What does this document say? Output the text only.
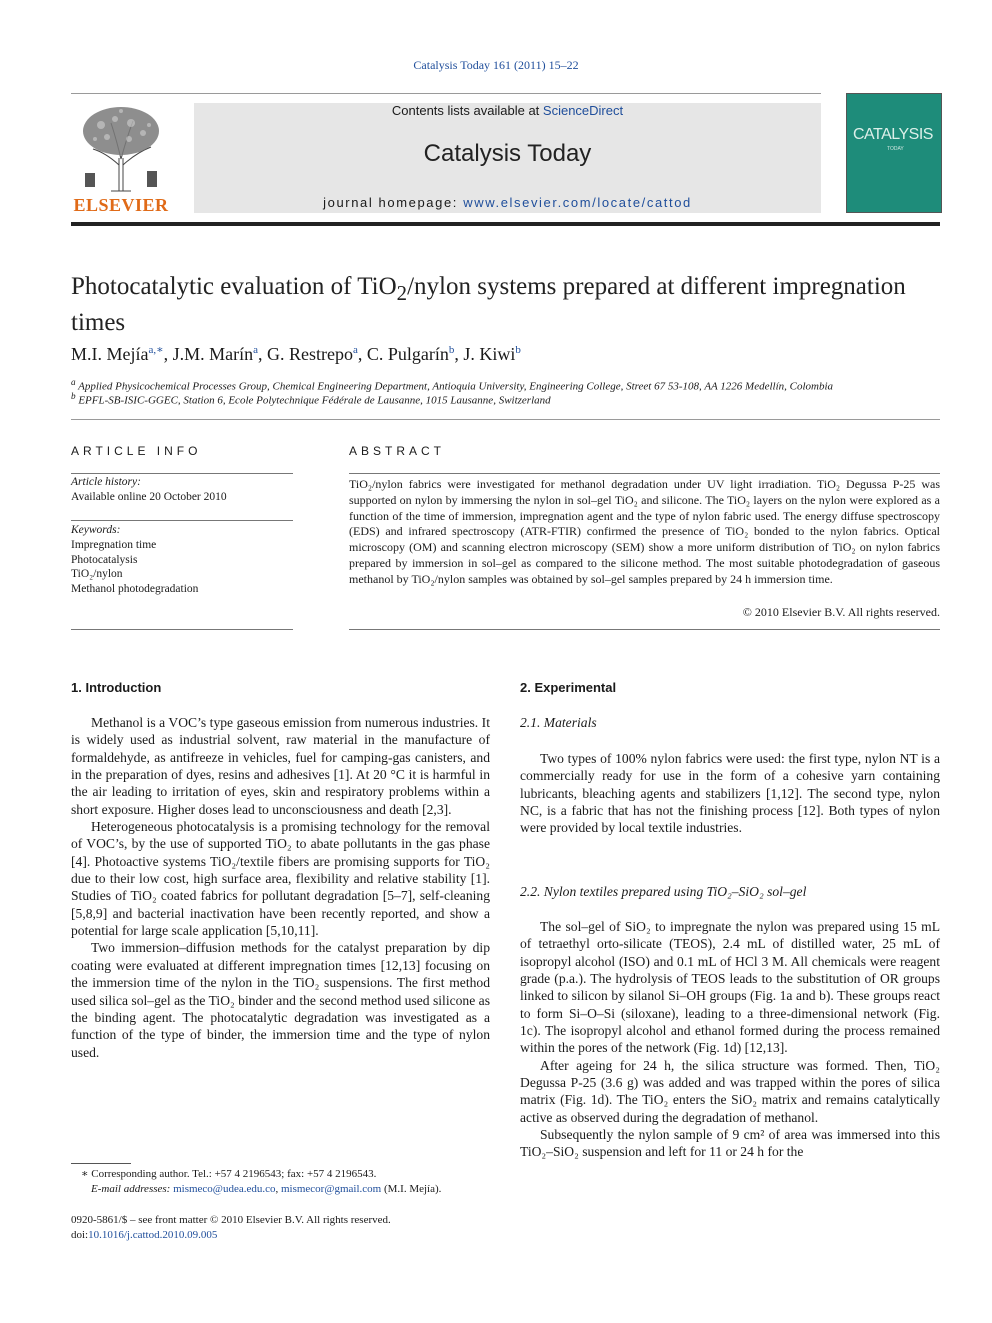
Catalysis Today 161 (2011) 15–22
ELSEVIER
Contents lists available at ScienceDirect
Catalysis Today
journal homepage: www.elsevier.com/locate/cattod
CATALYSIS
TODAY
Photocatalytic evaluation of TiO$_2$/nylon systems prepared at different impregnation times
M.I. Mejía$^{a,∗}$, J.M. Marín$^a$, G. Restrepo$^a$, C. Pulgarín$^b$, J. Kiwi$^b$
$^a$ Applied Physicochemical Processes Group, Chemical Engineering Department, Antioquia University, Engineering College, Street 67 53-108, AA 1226 Medellín, Colombia
$^b$ EPFL-SB-ISIC-GGEC, Station 6, Ecole Polytechnique Fédérale de Lausanne, 1015 Lausanne, Switzerland
ARTICLE INFO
Article history:
Available online 20 October 2010
Keywords:
Impregnation time
Photocatalysis
TiO₂/nylon
Methanol photodegradation
ABSTRACT
TiO₂/nylon fabrics were investigated for methanol degradation under UV light irradiation. TiO₂ Degussa P-25 was supported on nylon by immersing the nylon in sol–gel TiO₂ and silicone. The TiO₂ layers on the nylon were explored as a function of the time of immersion, impregnation agent and the type of nylon fabric used. The energy diffuse spectroscopy (EDS) and infrared spectroscopy (ATR-FTIR) confirmed the presence of TiO₂ bonded to the nylon fabrics. Optical microscopy (OM) and scanning electron microscopy (SEM) show a more uniform distribution of TiO₂ on nylon fabrics prepared by immersion in sol–gel as compared to the silicone method. The most suitable photodegradation of gaseous methanol by TiO₂/nylon samples was obtained by sol–gel samples prepared by 24 h immersion time.
© 2010 Elsevier B.V. All rights reserved.
1. Introduction

Methanol is a VOC’s type gaseous emission from numerous industries. It is widely used as industrial solvent, raw material in the manufacture of formaldehyde, as antifreeze in vehicles, fuel for camping-gas canisters, and in the preparation of dyes, resins and adhesives [1]. At 20 °C it is harmful in the air leading to irritation of eyes, skin and respiratory problems within a short exposure. Higher doses lead to unconsciousness and death [2,3].

Heterogeneous photocatalysis is a promising technology for the removal of VOC’s, by the use of supported TiO₂ to abate pollutants in the gas phase [4]. Photoactive systems TiO₂/textile fibers are promising supports for TiO₂ due to their low cost, high surface area, flexibility and relative stability [1]. Studies of TiO₂ coated fabrics for pollutant degradation [5–7], self-cleaning [5,8,9] and bacterial inactivation have been recently reported, and show a potential for large scale application [5,10,11].

Two immersion–diffusion methods for the catalyst preparation by dip coating were evaluated at different impregnation times [12,13] focusing on the immersion time of the nylon in the TiO₂ suspensions. The first method used silica sol–gel as the TiO₂ binder and the second method used silicone as the binding agent. The photocatalytic degradation was investigated as a function of the type of binder, the immersion time and the type of nylon used.

2. Experimental
2.1. Materials

Two types of 100% nylon fabrics were used: the first type, nylon NT is a commercially ready for use in the form of a cohesive yarn containing lubricants, bleaching agents and stabilizers [1,12]. The second type, nylon NC, is a fabric that has not the finishing process [12]. Both types of nylon were provided by local textile industries.

2.2. Nylon textiles prepared using TiO₂–SiO₂ sol–gel

The sol–gel of SiO₂ to impregnate the nylon was prepared using 15 mL of tetraethyl orto-silicate (TEOS), 2.4 mL of distilled water, 25 mL of isopropyl alcohol (ISO) and 0.1 mL of HCl 3 M. All chemicals were reagent grade (p.a.). The hydrolysis of TEOS leads to the substitution of OR groups linked to silicon by silanol Si–OH groups (Fig. 1a and b). These groups react to form Si–O–Si (siloxane), leading to a three-dimensional network (Fig. 1c). The isopropyl alcohol and ethanol formed during the process remained within the pores of the network (Fig. 1d) [12,13].

After ageing for 24 h, the silica structure was formed. Then, TiO₂ Degussa P-25 (3.6 g) was added and was trapped within the pores of silica matrix (Fig. 1d). The TiO₂ enters the SiO₂ matrix and remains catalytically active as observed during the degradation of methanol.

Subsequently the nylon sample of 9 cm² of area was immersed into this TiO₂–SiO₂ suspension and left for 11 or 24 h for the

∗ Corresponding author. Tel.: +57 4 2196543; fax: +57 4 2196543.
E-mail addresses: mismeco@udea.edu.co, mismecor@gmail.com (M.I. Mejía).
0920-5861/$ – see front matter © 2010 Elsevier B.V. All rights reserved.
doi:10.1016/j.cattod.2010.09.005
